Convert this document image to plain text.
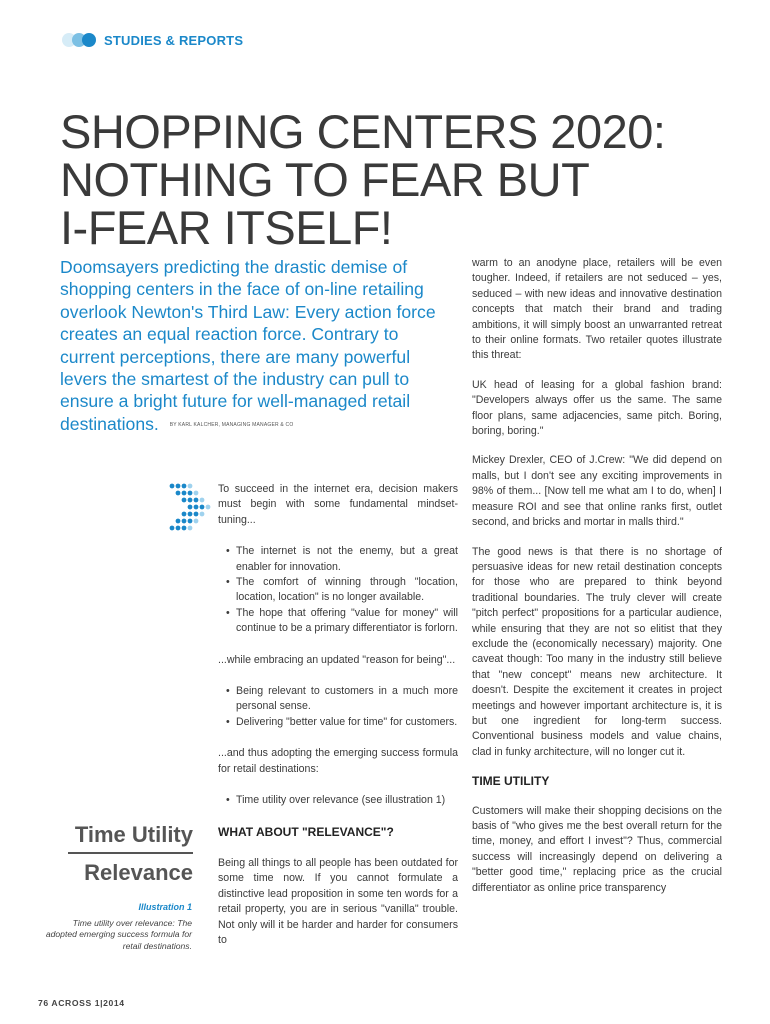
STUDIES & REPORTS
SHOPPING CENTERS 2020:
NOTHING TO FEAR BUT
I-FEAR ITSELF!
Doomsayers predicting the drastic demise of shopping centers in the face of on-line retailing overlook Newton's Third Law: Every action force creates an equal reaction force. Contrary to current perceptions, there are many powerful levers the smartest of the industry can pull to ensure a bright future for well-managed retail destinations. BY KARL KALCHER, MANAGING MANAGER & CO

To succeed in the internet era, decision makers must begin with some fundamental mindset-tuning...

• The internet is not the enemy, but a great enabler for innovation.
• The comfort of winning through "location, location, location" is no longer available.
• The hope that offering "value for money" will continue to be a primary differentiator is forlorn.

...while embracing an updated "reason for being"...

• Being relevant to customers in a much more personal sense.
• Delivering "better value for time" for customers.

...and thus adopting the emerging success formula for retail destinations:

• Time utility over relevance (see illustration 1)

WHAT ABOUT "RELEVANCE"?

Being all things to all people has been outdated for some time now. If you cannot formulate a distinctive lead proposition in some ten words for a retail property, you are in serious "vanilla" trouble. Not only will it be harder and harder for consumers to

warm to an anodyne place, retailers will be even tougher. Indeed, if retailers are not seduced – yes, seduced – with new ideas and innovative destination concepts that match their brand and trading ambitions, it will simply boost an unwarranted retreat to their online formats. Two retailer quotes illustrate this threat:

UK head of leasing for a global fashion brand: "Developers always offer us the same. The same floor plans, same adjacencies, same pitch. Boring, boring, boring."

Mickey Drexler, CEO of J.Crew: "We did depend on malls, but I don't see any exciting improvements in 98% of them... [Now tell me what am I to do, when] I measure ROI and see that online ranks first, outlet second, and bricks and mortar in malls third."

The good news is that there is no shortage of persuasive ideas for new retail destination concepts for those who are prepared to think beyond traditional boundaries. The truly clever will create "pitch perfect" propositions for a particular audience, while ensuring that they are not so elitist that they exclude the (economically necessary) majority. One caveat though: Too many in the industry still believe that "new concept" means new architecture. It doesn't. Despite the excitement it creates in project meetings and however important architecture is, it is but one ingredient for long-term success. Conventional business models and value chains, clad in funky architecture, will no longer cut it.

TIME UTILITY

Customers will make their shopping decisions on the basis of "who gives me the best overall return for the time, money, and effort I invest"? Thus, commercial success will increasingly depend on delivering a "better good time," replacing price as the crucial differentiator as online price transparency

Time Utility
Relevance
Illustration 1
Time utility over relevance: The adopted emerging success formula for retail destinations.
76 ACROSS 1|2014
